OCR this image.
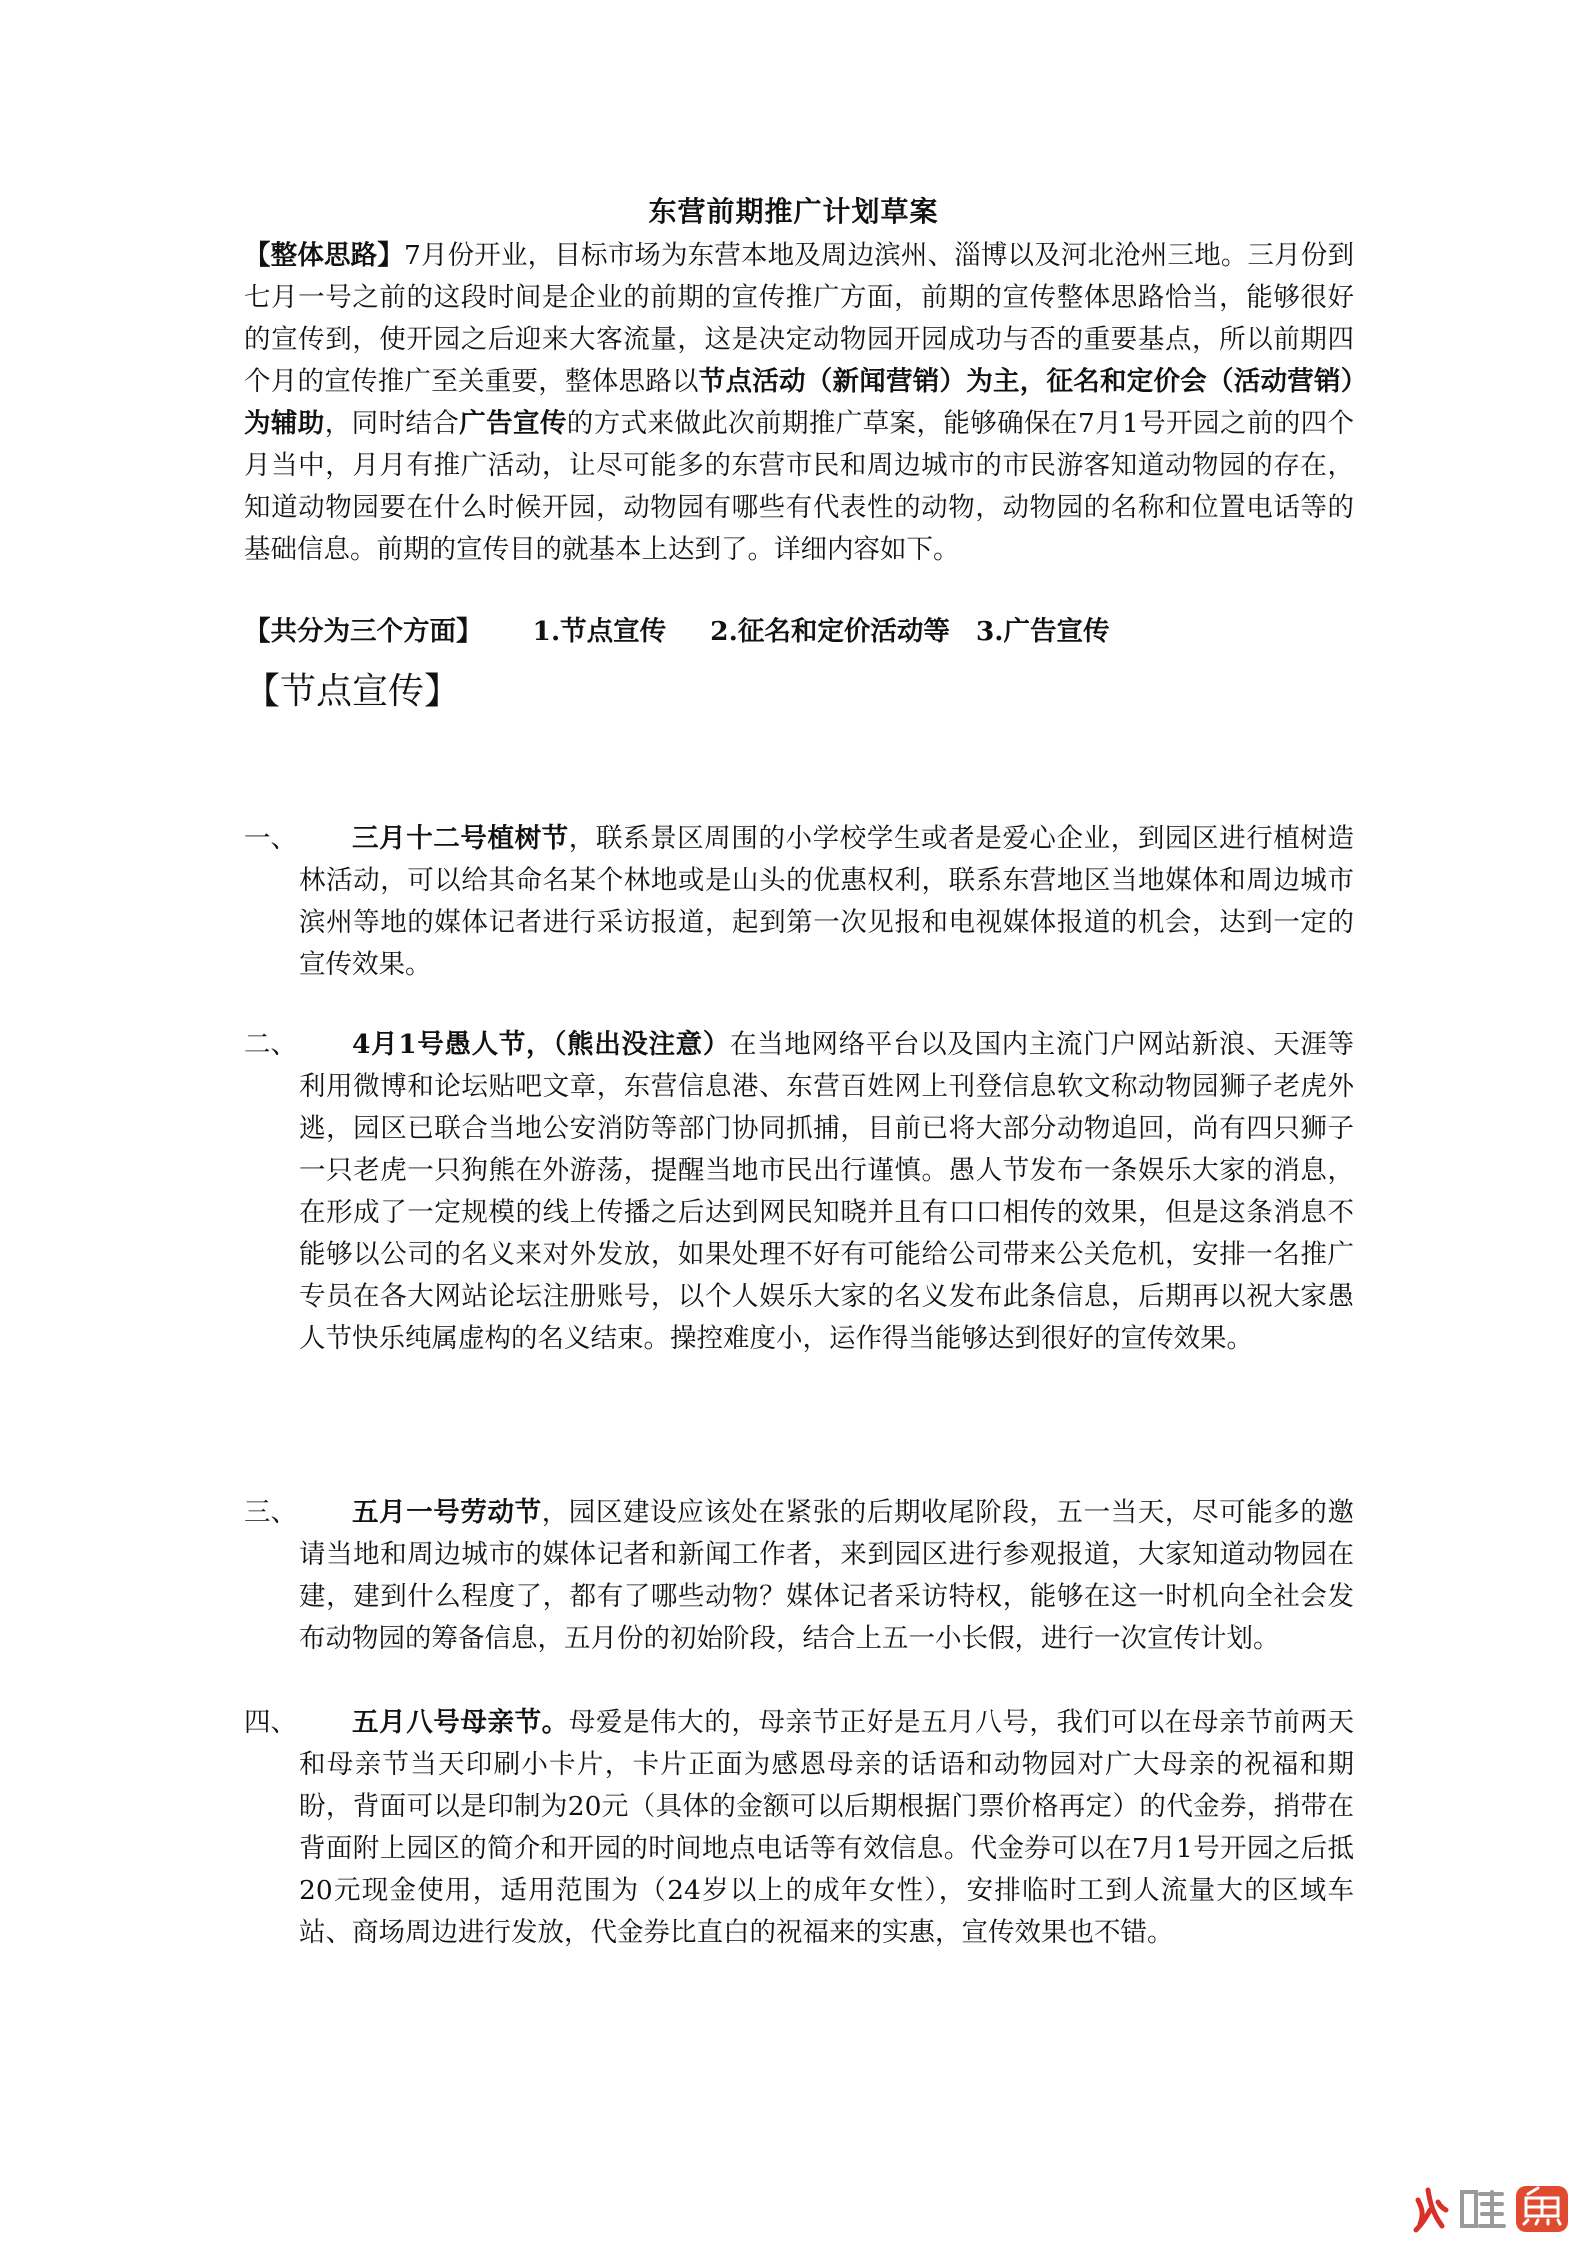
东营前期推广计划草案

【整体思路】7月份开业，目标市场为东营本地及周边滨州、淄博以及河北沧州三地。三月份到七月一号之前的这段时间是企业的前期的宣传推广方面，前期的宣传整体思路恰当，能够很好的宣传到，使开园之后迎来大客流量，这是决定动物园开园成功与否的重要基点，所以前期四个月的宣传推广至关重要，整体思路以节点活动（新闻营销）为主，征名和定价会（活动营销）为辅助，同时结合广告宣传的方式来做此次前期推广草案，能够确保在7月1号开园之前的四个月当中，月月有推广活动，让尽可能多的东营市民和周边城市的市民游客知道动物园的存在，知道动物园要在什么时候开园，动物园有哪些有代表性的动物，动物园的名称和位置电话等的基础信息。前期的宣传目的就基本上达到了。详细内容如下。

【共分为三个方面】 1.节点宣传 2.征名和定价活动等 3.广告宣传
【节点宣传】
一、	三月十二号植树节，联系景区周围的小学校学生或者是爱心企业，到园区进行植树造林活动，可以给其命名某个林地或是山头的优惠权利，联系东营地区当地媒体和周边城市滨州等地的媒体记者进行采访报道，起到第一次见报和电视媒体报道的机会，达到一定的宣传效果。

二、	4月1号愚人节，（熊出没注意）在当地网络平台以及国内主流门户网站新浪、天涯等利用微博和论坛贴吧文章，东营信息港、东营百姓网上刊登信息软文称动物园狮子老虎外逃，园区已联合当地公安消防等部门协同抓捕，目前已将大部分动物追回，尚有四只狮子一只老虎一只狗熊在外游荡，提醒当地市民出行谨慎。愚人节发布一条娱乐大家的消息，在形成了一定规模的线上传播之后达到网民知晓并且有口口相传的效果，但是这条消息不能够以公司的名义来对外发放，如果处理不好有可能给公司带来公关危机，安排一名推广专员在各大网站论坛注册账号，以个人娱乐大家的名义发布此条信息，后期再以祝大家愚人节快乐纯属虚构的名义结束。操控难度小，运作得当能够达到很好的宣传效果。

三、	五月一号劳动节，园区建设应该处在紧张的后期收尾阶段，五一当天，尽可能多的邀请当地和周边城市的媒体记者和新闻工作者，来到园区进行参观报道，大家知道动物园在建，建到什么程度了，都有了哪些动物？媒体记者采访特权，能够在这一时机向全社会发布动物园的筹备信息，五月份的初始阶段，结合上五一小长假，进行一次宣传计划。

四、	五月八号母亲节。母爱是伟大的，母亲节正好是五月八号，我们可以在母亲节前两天和母亲节当天印刷小卡片，卡片正面为感恩母亲的话语和动物园对广大母亲的祝福和期盼，背面可以是印制为20元（具体的金额可以后期根据门票价格再定）的代金券，捎带在背面附上园区的简介和开园的时间地点电话等有效信息。代金券可以在7月1号开园之后抵20元现金使用，适用范围为（24岁以上的成年女性），安排临时工到人流量大的区域车站、商场周边进行发放，代金券比直白的祝福来的实惠，宣传效果也不错。
